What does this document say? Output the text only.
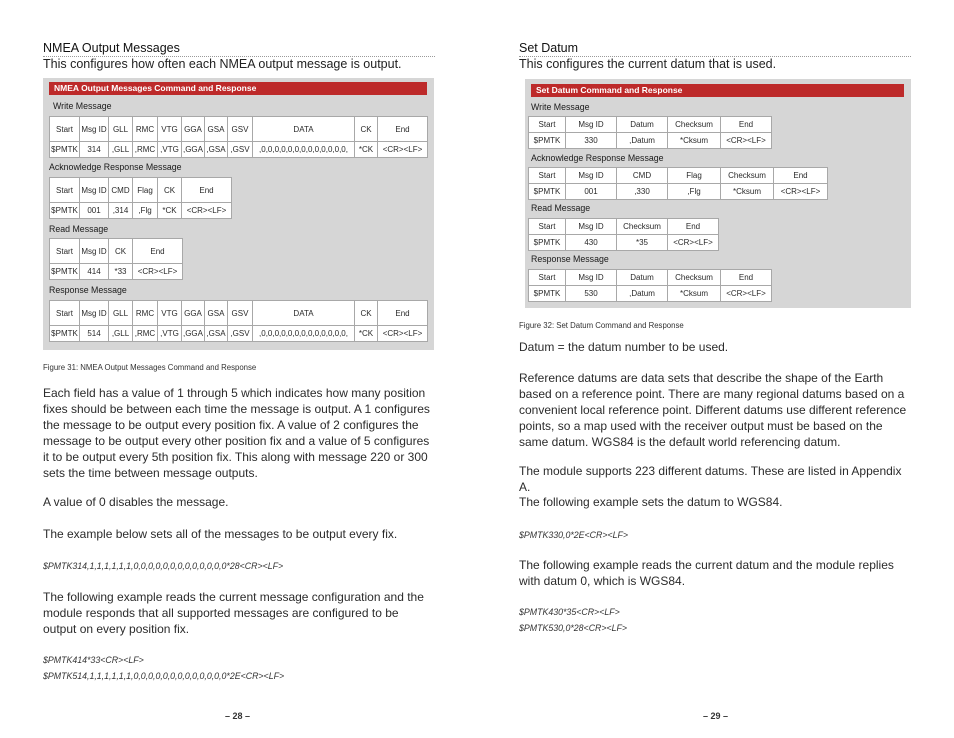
NMEA Output Messages
This configures how often each NMEA output message is output.
NMEA Output Messages Command and Response
Write Message
Start	Msg ID	GLL	RMC	VTG	GGA	GSA	GSV	DATA	CK	End
$PMTK	314	,GLL	,RMC	,VTG	,GGA	,GSA	,GSV	,0,0,0,0,0,0,0,0,0,0,0,0,0,	*CK	<CR><LF>
Acknowledge Response Message
Start	Msg ID	CMD	Flag	CK	End
$PMTK	001	,314	,Flg	*CK	<CR><LF>
Read Message
Start	Msg ID	CK	End
$PMTK	414	*33	<CR><LF>
Response Message
Start	Msg ID	GLL	RMC	VTG	GGA	GSA	GSV	DATA	CK	End
$PMTK	514	,GLL	,RMC	,VTG	,GGA	,GSA	,GSV	,0,0,0,0,0,0,0,0,0,0,0,0,0,	*CK	<CR><LF>
Figure 31: NMEA Output Messages Command and Response
Each field has a value of 1 through 5 which indicates how many position fixes should be between each time the message is output. A 1 configures the message to be output every position fix. A value of 2 configures the message to be output every other position fix and a value of 5 configures it to be output every 5th position fix. This along with message 220 or 300 sets the time between message outputs.
A value of 0 disables the message.
The example below sets all of the messages to be output every fix.
$PMTK314,1,1,1,1,1,1,0,0,0,0,0,0,0,0,0,0,0,0,0*28<CR><LF>
The following example reads the current message configuration and the module responds that all supported messages are configured to be output on every position fix.
$PMTK414*33<CR><LF>
$PMTK514,1,1,1,1,1,1,0,0,0,0,0,0,0,0,0,0,0,0,0*2E<CR><LF>
– 28 –
Set Datum
This configures the current datum that is used.
Set Datum Command and Response
Write Message
Start	Msg ID	Datum	Checksum	End
$PMTK	330	,Datum	*Cksum	<CR><LF>
Acknowledge Response Message
Start	Msg ID	CMD	Flag	Checksum	End
$PMTK	001	,330	,Flg	*Cksum	<CR><LF>
Read Message
Start	Msg ID	Checksum	End
$PMTK	430	*35	<CR><LF>
Response Message
Start	Msg ID	Datum	Checksum	End
$PMTK	530	,Datum	*Cksum	<CR><LF>
Figure 32: Set Datum Command and Response
Datum = the datum number to be used.
Reference datums are data sets that describe the shape of the Earth based on a reference point. There are many regional datums based on a convenient local reference point. Different datums use different reference points, so a map used with the receiver output must be based on the same datum. WGS84 is the default world referencing datum.
The module supports 223 different datums. These are listed in Appendix A.
The following example sets the datum to WGS84.
$PMTK330,0*2E<CR><LF>
The following example reads the current datum and the module replies with datum 0, which is WGS84.
$PMTK430*35<CR><LF>
$PMTK530,0*28<CR><LF>
– 29 –
